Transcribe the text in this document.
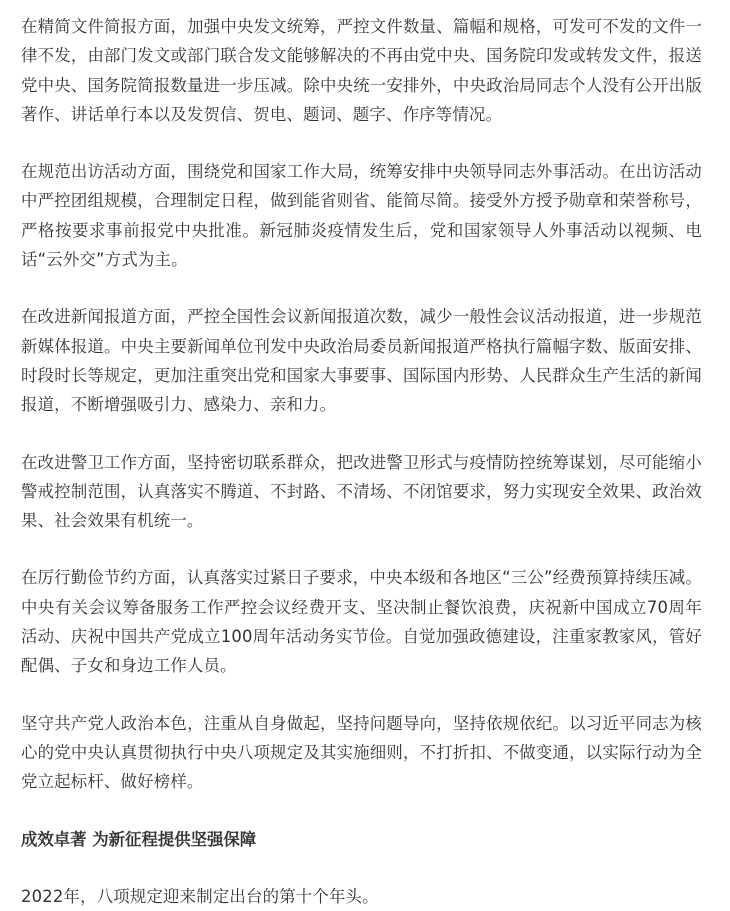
在精简文件简报方面，加强中央发文统筹，严控文件数量、篇幅和规格，可发可不发的文件一律不发，由部门发文或部门联合发文能够解决的不再由党中央、国务院印发或转发文件，报送党中央、国务院简报数量进一步压减。除中央统一安排外，中央政治局同志个人没有公开出版著作、讲话单行本以及发贺信、贺电、题词、题字、作序等情况。

在规范出访活动方面，围绕党和国家工作大局，统筹安排中央领导同志外事活动。在出访活动中严控团组规模，合理制定日程，做到能省则省、能简尽简。接受外方授予勋章和荣誉称号，严格按要求事前报党中央批准。新冠肺炎疫情发生后，党和国家领导人外事活动以视频、电话“云外交”方式为主。

在改进新闻报道方面，严控全国性会议新闻报道次数，减少一般性会议活动报道，进一步规范新媒体报道。中央主要新闻单位刊发中央政治局委员新闻报道严格执行篇幅字数、版面安排、时段时长等规定，更加注重突出党和国家大事要事、国际国内形势、人民群众生产生活的新闻报道，不断增强吸引力、感染力、亲和力。

在改进警卫工作方面，坚持密切联系群众，把改进警卫形式与疫情防控统筹谋划，尽可能缩小警戒控制范围，认真落实不腾道、不封路、不清场、不闭馆要求，努力实现安全效果、政治效果、社会效果有机统一。

在厉行勤俭节约方面，认真落实过紧日子要求，中央本级和各地区“三公”经费预算持续压减。中央有关会议筹备服务工作严控会议经费开支、坚决制止餐饮浪费，庆祝新中国成立70周年活动、庆祝中国共产党成立100周年活动务实节俭。自觉加强政德建设，注重家教家风，管好配偶、子女和身边工作人员。

坚守共产党人政治本色，注重从自身做起，坚持问题导向，坚持依规依纪。以习近平同志为核心的党中央认真贯彻执行中央八项规定及其实施细则，不打折扣、不做变通，以实际行动为全党立起标杆、做好榜样。

成效卓著 为新征程提供坚强保障

2022年，八项规定迎来制定出台的第十个年头。
